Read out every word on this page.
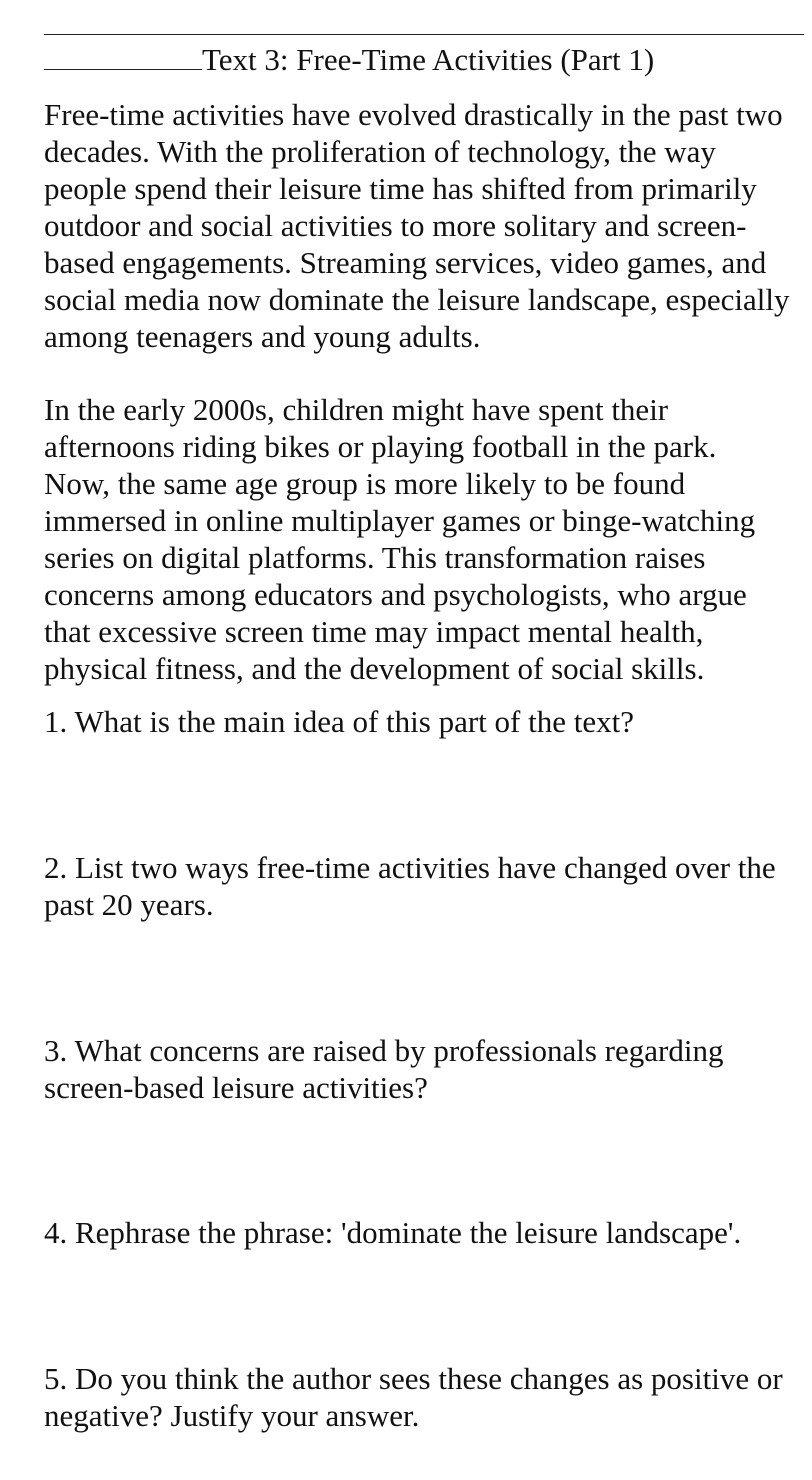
Text 3: Free-Time Activities (Part 1)

Free-time activities have evolved drastically in the past two decades. With the proliferation of technology, the way people spend their leisure time has shifted from primarily outdoor and social activities to more solitary and screen-based engagements. Streaming services, video games, and social media now dominate the leisure landscape, especially among teenagers and young adults.

In the early 2000s, children might have spent their afternoons riding bikes or playing football in the park. Now, the same age group is more likely to be found immersed in online multiplayer games or binge-watching series on digital platforms. This transformation raises concerns among educators and psychologists, who argue that excessive screen time may impact mental health, physical fitness, and the development of social skills.

1. What is the main idea of this part of the text?

2. List two ways free-time activities have changed over the past 20 years.

3. What concerns are raised by professionals regarding screen-based leisure activities?

4. Rephrase the phrase: 'dominate the leisure landscape'.

5. Do you think the author sees these changes as positive or negative? Justify your answer.
